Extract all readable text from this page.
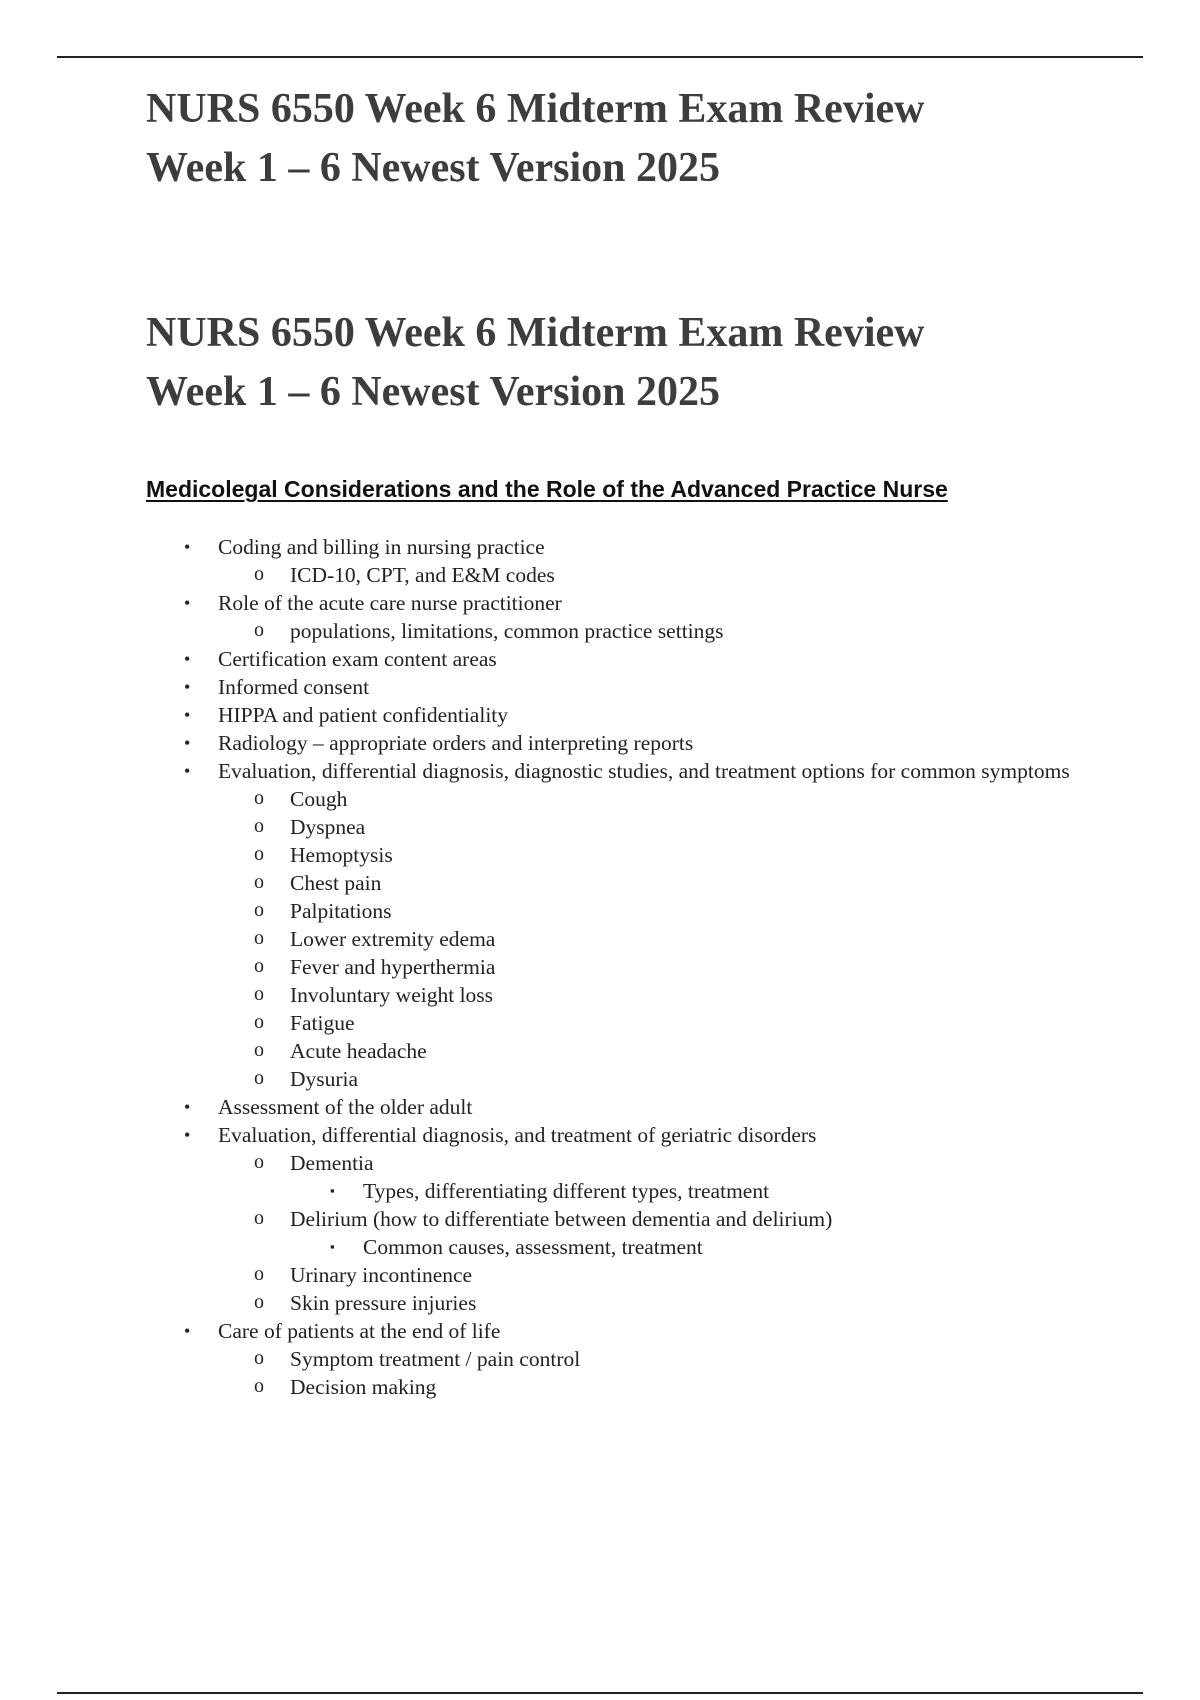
NURS 6550 Week 6 Midterm Exam Review
Week 1 – 6 Newest Version 2025
NURS 6550 Week 6 Midterm Exam Review
Week 1 – 6 Newest Version 2025
Medicolegal Considerations and the Role of the Advanced Practice Nurse
• Coding and billing in nursing practice
o ICD-10, CPT, and E&M codes
• Role of the acute care nurse practitioner
o populations, limitations, common practice settings
• Certification exam content areas
• Informed consent
• HIPPA and patient confidentiality
• Radiology – appropriate orders and interpreting reports
• Evaluation, differential diagnosis, diagnostic studies, and treatment options for common symptoms
o Cough
o Dyspnea
o Hemoptysis
o Chest pain
o Palpitations
o Lower extremity edema
o Fever and hyperthermia
o Involuntary weight loss
o Fatigue
o Acute headache
o Dysuria
• Assessment of the older adult
• Evaluation, differential diagnosis, and treatment of geriatric disorders
o Dementia
▪ Types, differentiating different types, treatment
o Delirium (how to differentiate between dementia and delirium)
▪ Common causes, assessment, treatment
o Urinary incontinence
o Skin pressure injuries
• Care of patients at the end of life
o Symptom treatment / pain control
o Decision making
